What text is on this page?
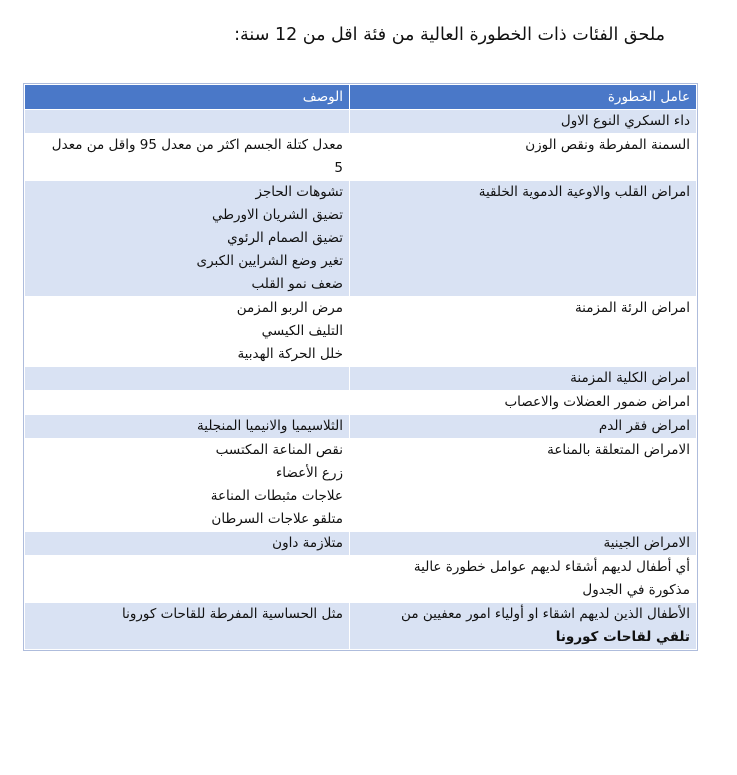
ملحق الفئات ذات الخطورة العالية من فئة اقل من 12 سنة:
عامل الخطورة	الوصف

داء السكري النوع الاول	

السمنة المفرطة ونقص الوزن	معدل كتلة الجسم اكثر من معدل 95 واقل من معدل
5

امراض القلب والاوعية الدموية الخلقية	تشوهات الحاجز
تضيق الشريان الاورطي
تضيق الصمام الرئوي
تغير وضع الشرايين الكبرى
ضعف نمو القلب

امراض الرئة المزمنة	مرض الربو المزمن
التليف الكيسي
خلل الحركة الهدبية

امراض الكلية المزمنة	

امراض ضمور العضلات والاعصاب	

امراض فقر الدم	الثلاسيميا والانيميا المنجلية

الامراض المتعلقة بالمناعة	نقص المناعة المكتسب
زرع الأعضاء
علاجات مثبطات المناعة
متلقو علاجات السرطان

الامراض الجينية	متلازمة داون

أي أطفال لديهم أشقاء لديهم عوامل خطورة عالية
مذكورة في الجدول	

الأطفال الذين لديهم اشقاء او أولياء امور معفيين من
تلقي لقاحات كورونا	مثل الحساسية المفرطة للقاحات كورونا
